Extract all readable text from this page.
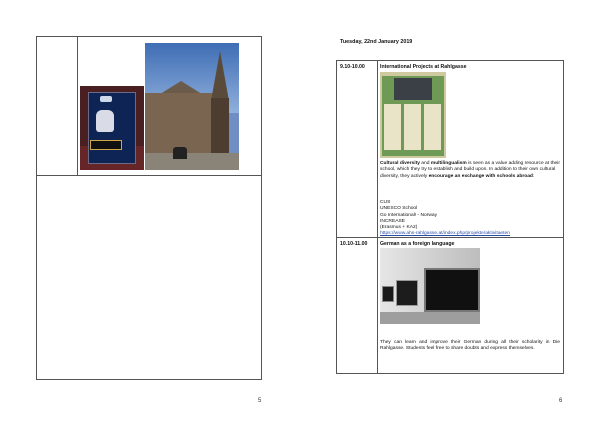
5
Tuesday, 22nd January 2019
9.10-10.00	International Projects at Rahlgasse
Cultural diversity and multilingualism is seen as a value adding resource at their school, which they try to establish and build upon. In addition to their own cultural diversity, they actively encourage an exchange with schools abroad:
CUS
UNESCO School
Go International! - Norway
INCREASE
(Erasmus + KA2)
https://www.ahs-rahlgasse.at/index.php/projekte/aktivitaeten
10.10-11.00 German as a foreign language
They can learn and improve their German during all their scholarity in Die Rahlgasse. Students feel free to share doubts and express themselves.
6
